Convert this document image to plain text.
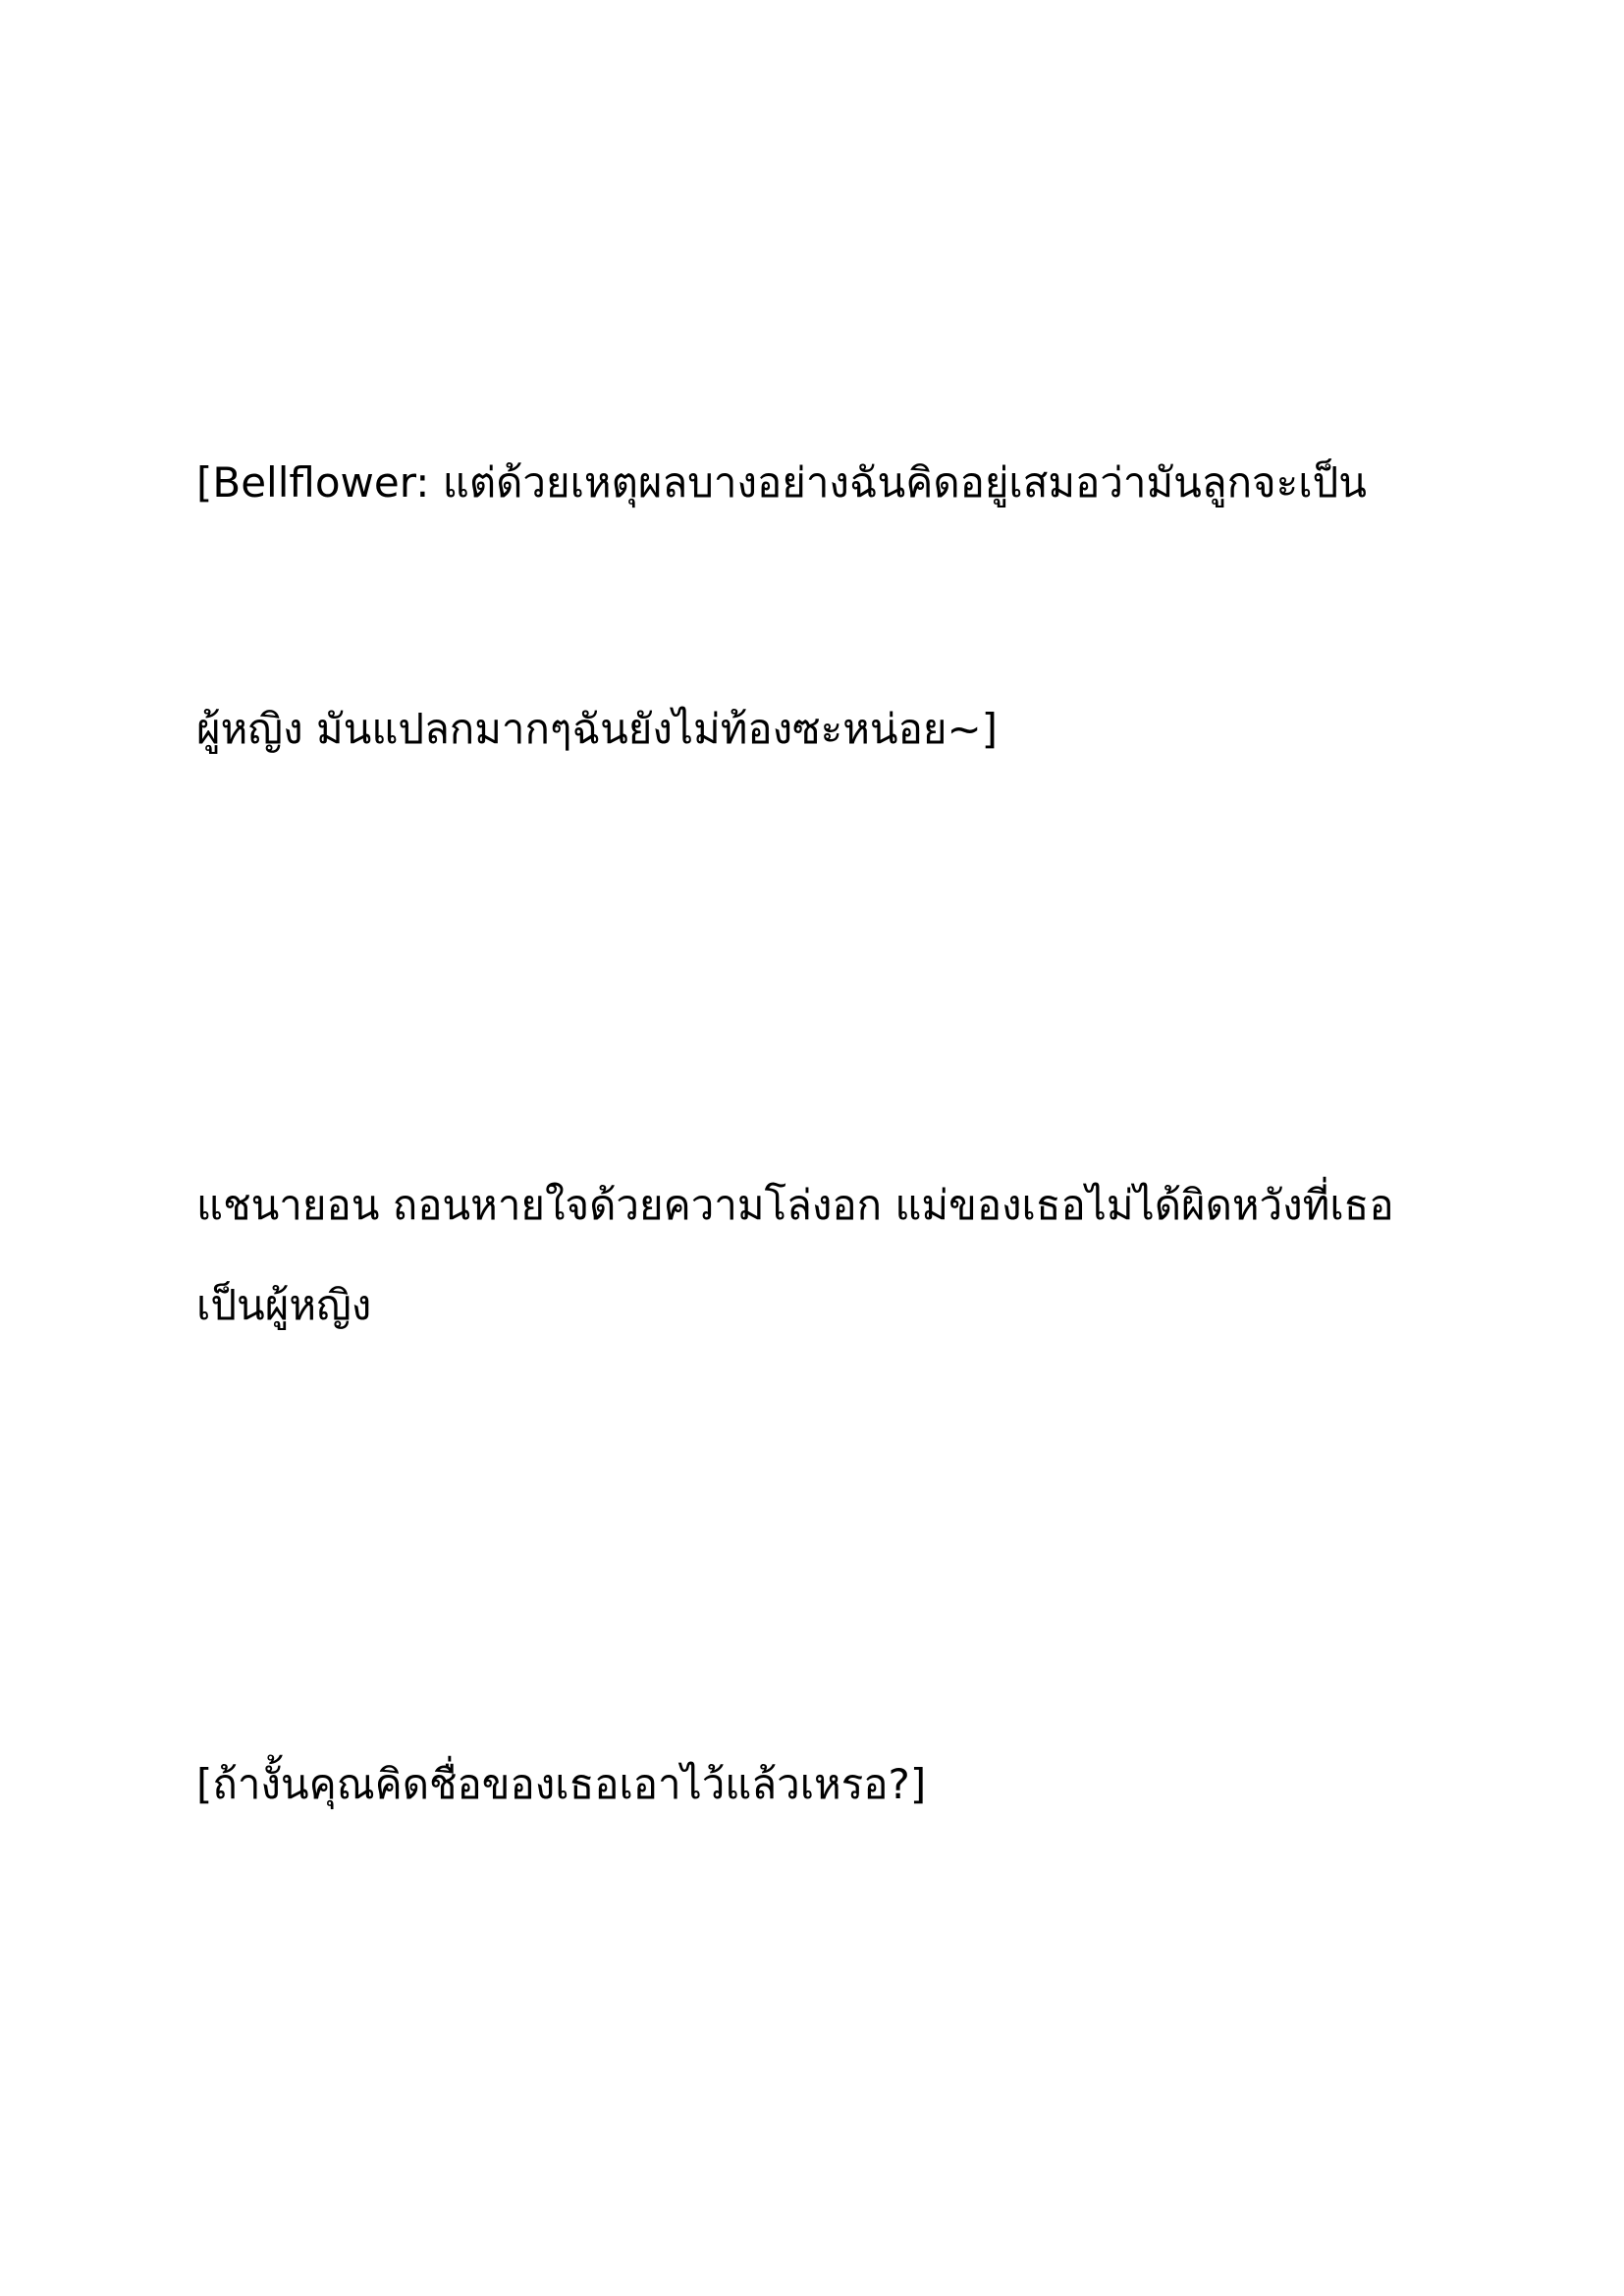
[Bellflower: แต่ด้วยเหตุผลบางอย่างฉันคิดอยู่เสมอว่ามันลูกจะเป็น
ผู้หญิง มันแปลกมากๆฉันยังไม่ท้องซะหน่อย~]
แชนายอน ถอนหายใจด้วยความโล่งอก แม่ของเธอไม่ได้ผิดหวังที่เธอ
เป็นผู้หญิง
[ถ้างั้นคุณคิดชื่อของเธอเอาไว้แล้วเหรอ?]
